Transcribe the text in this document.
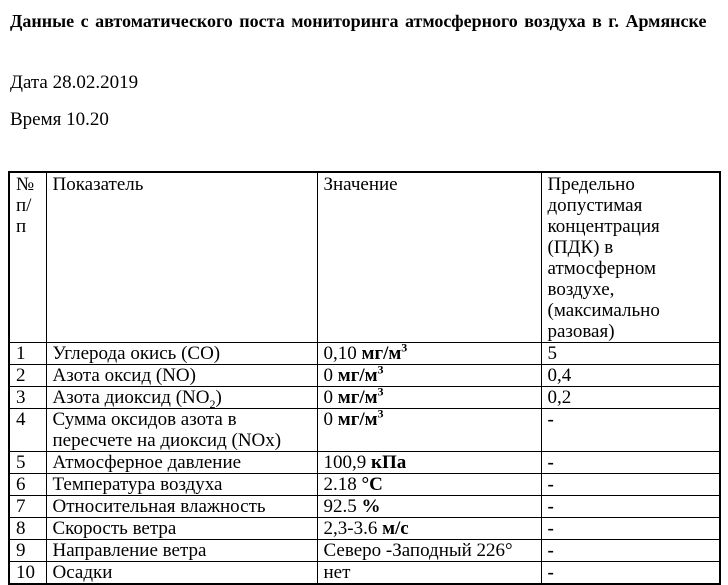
Данные с автоматического поста мониторинга атмосферного воздуха в г. Армянске

Дата 28.02.2019

Время 10.20

№ п/п	Показатель	Значение	Предельно допустимая концентрация (ПДК) в атмосферном воздухе, (максимально разовая)
1	Углерода окись (CO)	0,10 $мг/м^3$	5
2	Азота оксид (NO)	0 $мг/м^3$	0,4
3	Азота диоксид $(NO_2)$	0 $мг/м^3$	0,2
4	Сумма оксидов азота в пересчете на диоксид (NOx)	0 $мг/м^3$	-
5	Атмосферное давление	100,9 кПа	-
6	Температура воздуха	2.18 °C	-
7	Относительная влажность	92.5 %	-
8	Скорость ветра	2,3-3.6 м/с	-
9	Направление ветра	Северо -Заподный 226°	-
10	Осадки	нет	-
